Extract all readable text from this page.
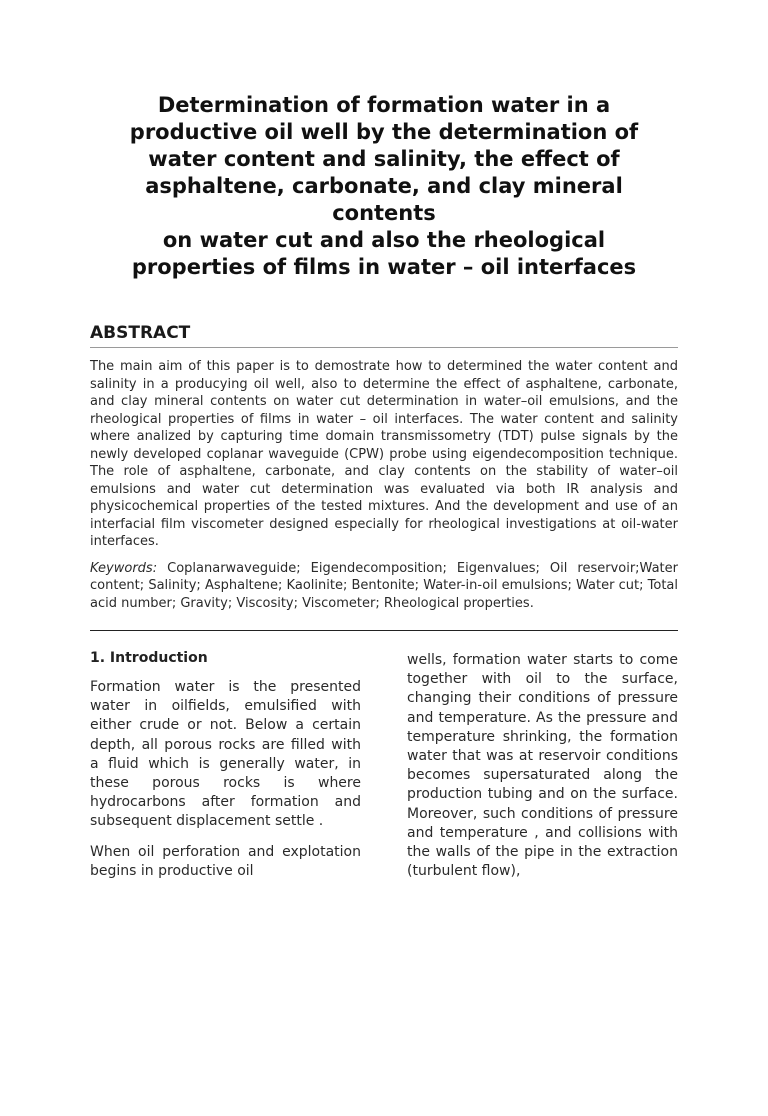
Determination of formation water in a
productive oil well by the determination of
water content and salinity, the effect of
asphaltene, carbonate, and clay mineral
contents
on water cut and also the rheological
properties of films in water – oil interfaces
ABSTRACT
The main aim of this paper is to demostrate how to determined the water content and salinity in a producying oil well, also to determine the effect of asphaltene, carbonate, and clay mineral contents on water cut determination in water–oil emulsions, and the rheological properties of films in water – oil interfaces. The water content and salinity where analized by capturing time domain transmissometry (TDT) pulse signals by the newly developed coplanar waveguide (CPW) probe using eigendecomposition technique. The role of asphaltene, carbonate, and clay contents on the stability of water–oil emulsions and water cut determination was evaluated via both IR analysis and physicochemical properties of the tested mixtures. And the development and use of an interfacial film viscometer designed especially for rheological investigations at oil-water interfaces.
Keywords: Coplanarwaveguide; Eigendecomposition; Eigenvalues; Oil reservoir;Water content; Salinity; Asphaltene; Kaolinite; Bentonite; Water-in-oil emulsions; Water cut; Total acid number; Gravity; Viscosity; Viscometer; Rheological properties.
1. Introduction

Formation water is the presented water in oilfields, emulsified with either crude or not. Below a certain depth, all porous rocks are filled with a fluid which is generally water, in these porous rocks is where hydrocarbons after formation and subsequent displacement settle .

When oil perforation and explotation begins in productive oil

wells, formation water starts to come together with oil to the surface, changing their conditions of pressure and temperature. As the pressure and temperature shrinking, the formation water that was at reservoir conditions becomes supersaturated along the production tubing and on the surface. Moreover, such conditions of pressure and temperature , and collisions with the walls of the pipe in the extraction (turbulent flow),
